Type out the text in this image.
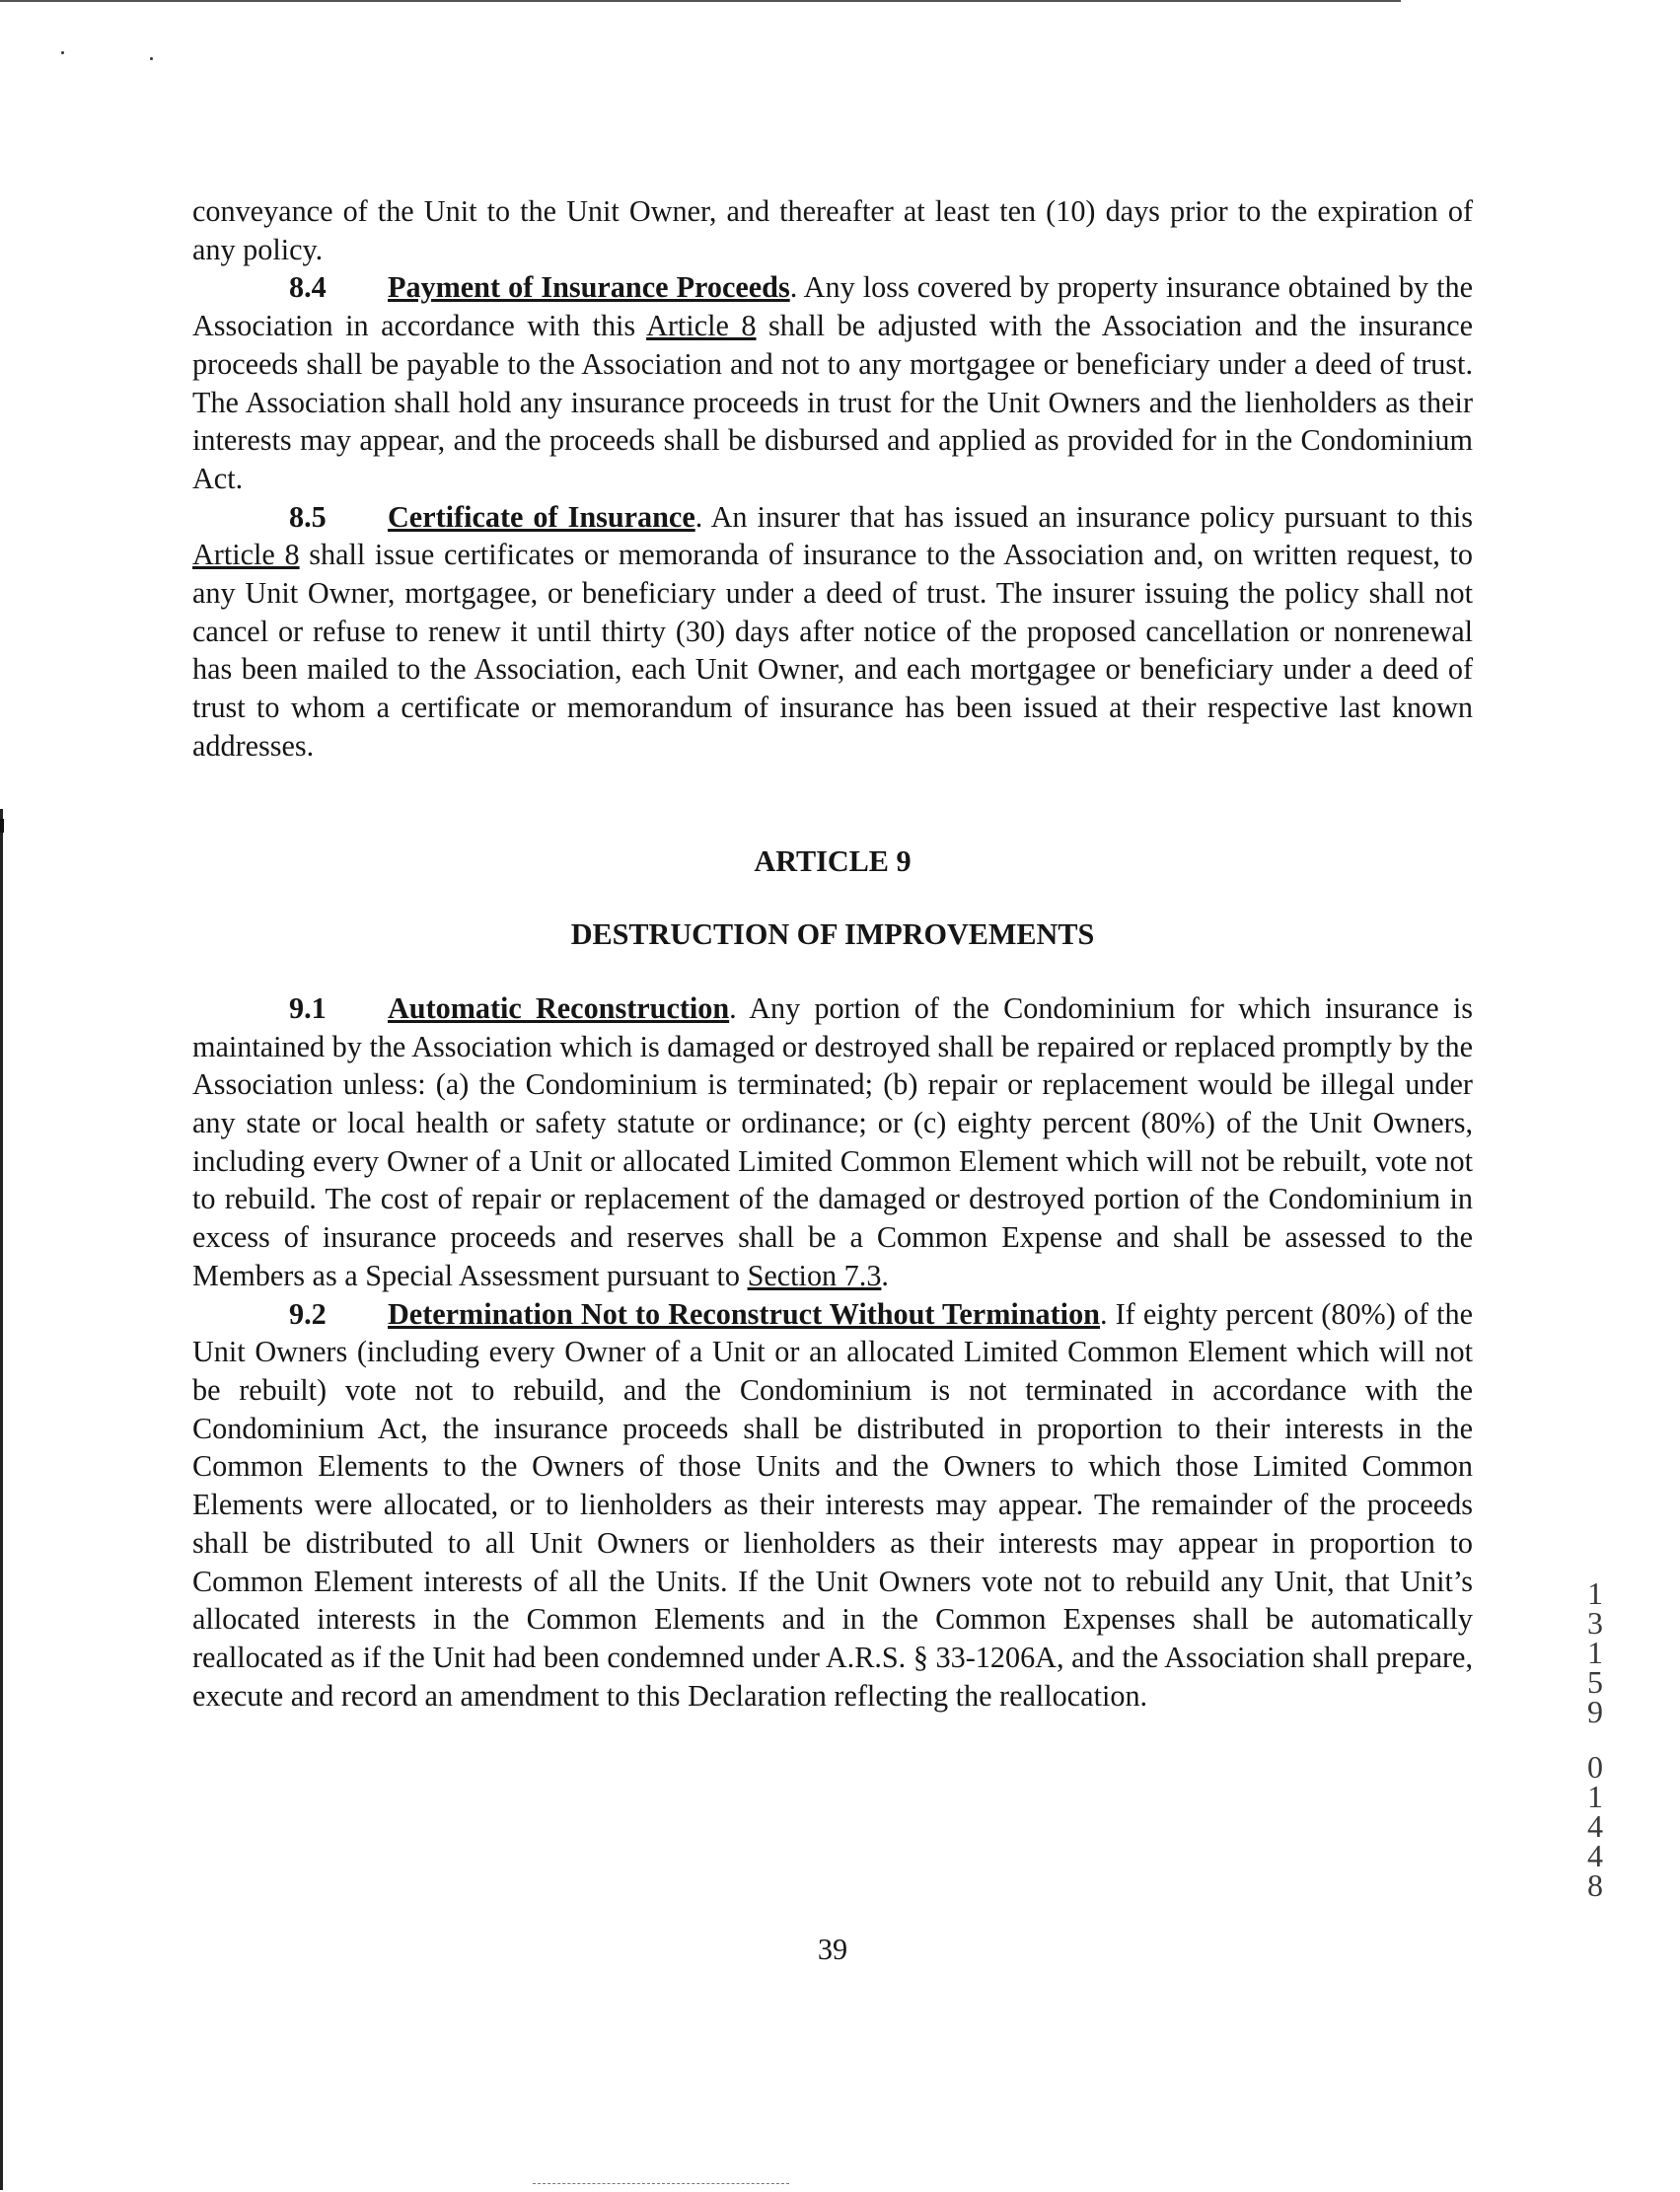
conveyance of the Unit to the Unit Owner, and thereafter at least ten (10) days prior to the expiration of any policy.

8.4 Payment of Insurance Proceeds. Any loss covered by property insurance obtained by the Association in accordance with this Article 8 shall be adjusted with the Association and the insurance proceeds shall be payable to the Association and not to any mortgagee or beneficiary under a deed of trust. The Association shall hold any insurance proceeds in trust for the Unit Owners and the lienholders as their interests may appear, and the proceeds shall be disbursed and applied as provided for in the Condominium Act.

8.5 Certificate of Insurance. An insurer that has issued an insurance policy pursuant to this Article 8 shall issue certificates or memoranda of insurance to the Association and, on written request, to any Unit Owner, mortgagee, or beneficiary under a deed of trust. The insurer issuing the policy shall not cancel or refuse to renew it until thirty (30) days after notice of the proposed cancellation or nonrenewal has been mailed to the Association, each Unit Owner, and each mortgagee or beneficiary under a deed of trust to whom a certificate or memorandum of insurance has been issued at their respective last known addresses.

ARTICLE 9
DESTRUCTION OF IMPROVEMENTS

9.1 Automatic Reconstruction. Any portion of the Condominium for which insurance is maintained by the Association which is damaged or destroyed shall be repaired or replaced promptly by the Association unless: (a) the Condominium is terminated; (b) repair or replacement would be illegal under any state or local health or safety statute or ordinance; or (c) eighty percent (80%) of the Unit Owners, including every Owner of a Unit or allocated Limited Common Element which will not be rebuilt, vote not to rebuild. The cost of repair or replacement of the damaged or destroyed portion of the Condominium in excess of insurance proceeds and reserves shall be a Common Expense and shall be assessed to the Members as a Special Assessment pursuant to Section 7.3.

9.2 Determination Not to Reconstruct Without Termination. If eighty percent (80%) of the Unit Owners (including every Owner of a Unit or an allocated Limited Common Element which will not be rebuilt) vote not to rebuild, and the Condominium is not terminated in accordance with the Condominium Act, the insurance proceeds shall be distributed in proportion to their interests in the Common Elements to the Owners of those Units and the Owners to which those Limited Common Elements were allocated, or to lienholders as their interests may appear. The remainder of the proceeds shall be distributed to all Unit Owners or lienholders as their interests may appear in proportion to Common Element interests of all the Units. If the Unit Owners vote not to rebuild any Unit, that Unit’s allocated interests in the Common Elements and in the Common Expenses shall be automatically reallocated as if the Unit had been condemned under A.R.S. § 33-1206A, and the Association shall prepare, execute and record an amendment to this Declaration reflecting the reallocation.

39
1
3
1
5
9
0
1
4
4
8
